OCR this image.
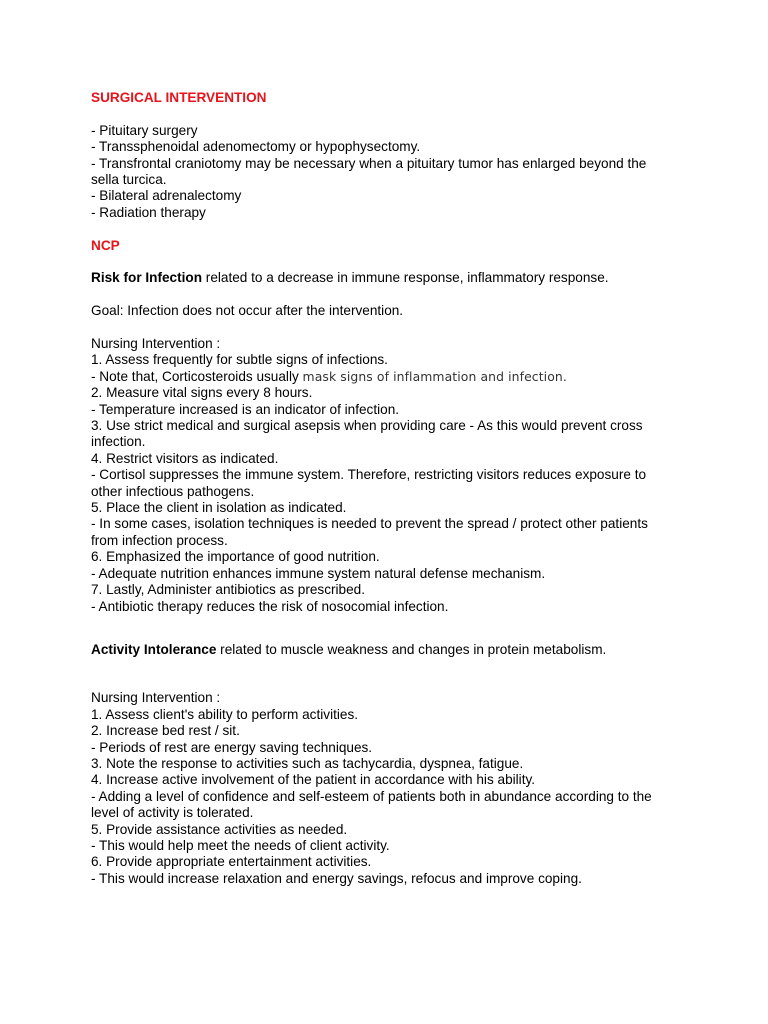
SURGICAL INTERVENTION
- Pituitary surgery
- Transsphenoidal adenomectomy or hypophysectomy.
- Transfrontal craniotomy may be necessary when a pituitary tumor has enlarged beyond the
sella turcica.
- Bilateral adrenalectomy
- Radiation therapy
NCP
Risk for Infection related to a decrease in immune response, inflammatory response.
Goal: Infection does not occur after the intervention.
Nursing Intervention :
1. Assess frequently for subtle signs of infections.
- Note that, Corticosteroids usually mask signs of inflammation and infection.
2. Measure vital signs every 8 hours.
- Temperature increased is an indicator of infection.
3. Use strict medical and surgical asepsis when providing care - As this would prevent cross
infection.
4. Restrict visitors as indicated.
- Cortisol suppresses the immune system. Therefore, restricting visitors reduces exposure to
other infectious pathogens.
5. Place the client in isolation as indicated.
- In some cases, isolation techniques is needed to prevent the spread / protect other patients
from infection process.
6. Emphasized the importance of good nutrition.
- Adequate nutrition enhances immune system natural defense mechanism.
7. Lastly, Administer antibiotics as prescribed.
- Antibiotic therapy reduces the risk of nosocomial infection.
Activity Intolerance related to muscle weakness and changes in protein metabolism.
Nursing Intervention :
1. Assess client's ability to perform activities.
2. Increase bed rest / sit.
- Periods of rest are energy saving techniques.
3. Note the response to activities such as tachycardia, dyspnea, fatigue.
4. Increase active involvement of the patient in accordance with his ability.
- Adding a level of confidence and self-esteem of patients both in abundance according to the
level of activity is tolerated.
5. Provide assistance activities as needed.
- This would help meet the needs of client activity.
6. Provide appropriate entertainment activities.
- This would increase relaxation and energy savings, refocus and improve coping.
